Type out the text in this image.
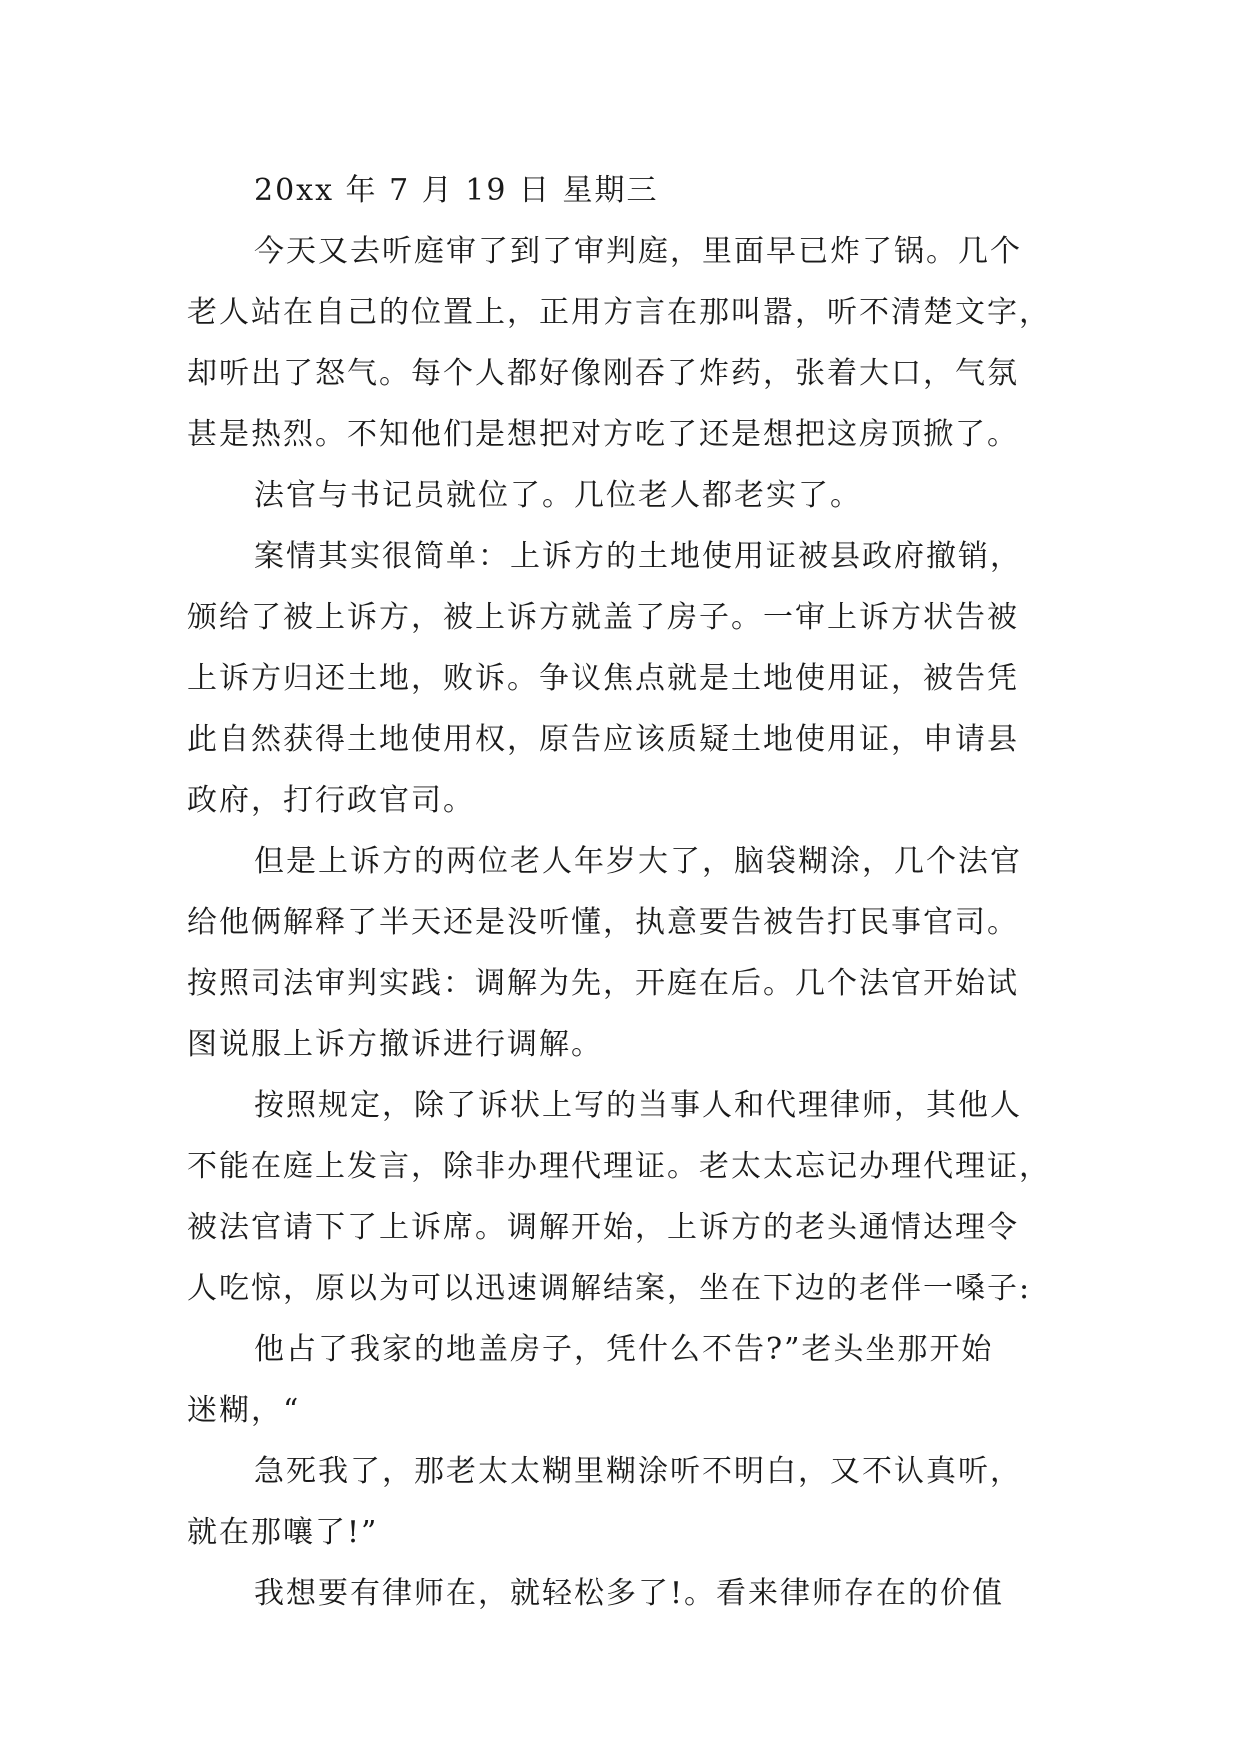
20xx 年 7 月 19 日 星期三
今天又去听庭审了到了审判庭，里面早已炸了锅。几个
老人站在自己的位置上，正用方言在那叫嚣，听不清楚文字，
却听出了怒气。每个人都好像刚吞了炸药，张着大口，气氛
甚是热烈。不知他们是想把对方吃了还是想把这房顶掀了。
法官与书记员就位了。几位老人都老实了。
案情其实很简单：上诉方的土地使用证被县政府撤销，
颁给了被上诉方，被上诉方就盖了房子。一审上诉方状告被
上诉方归还土地，败诉。争议焦点就是土地使用证，被告凭
此自然获得土地使用权，原告应该质疑土地使用证，申请县
政府，打行政官司。
但是上诉方的两位老人年岁大了，脑袋糊涂，几个法官
给他俩解释了半天还是没听懂，执意要告被告打民事官司。
按照司法审判实践：调解为先，开庭在后。几个法官开始试
图说服上诉方撤诉进行调解。
按照规定，除了诉状上写的当事人和代理律师，其他人
不能在庭上发言，除非办理代理证。老太太忘记办理代理证，
被法官请下了上诉席。调解开始，上诉方的老头通情达理令
人吃惊，原以为可以迅速调解结案，坐在下边的老伴一嗓子:
他占了我家的地盖房子，凭什么不告?”老头坐那开始
迷糊，“
急死我了，那老太太糊里糊涂听不明白，又不认真听，
就在那嚷了!”
我想要有律师在，就轻松多了!。看来律师存在的价值
